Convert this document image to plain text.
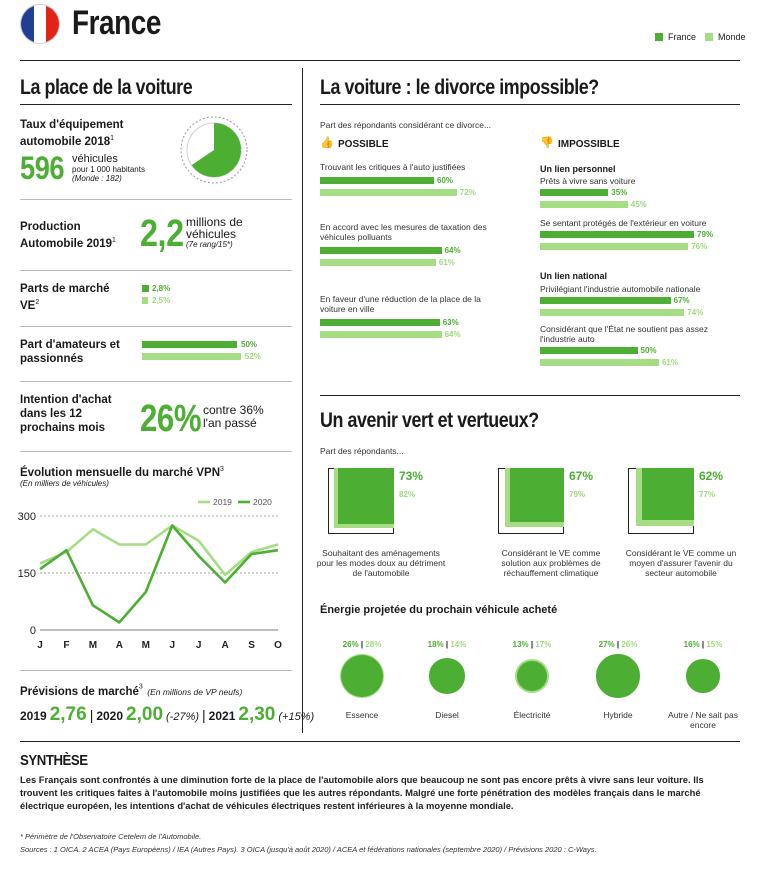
France	France Monde
La place de la voiture
Taux d'équipement automobile 2018$^1$
596 véhicules
pour 1 000 habitants
(Monde : 182)
Production Automobile 2019$^1$ 2,2 millions de véhicules
(7e rang/15*)
Parts de marché $VE^2$
2,8%
2,5%
Part d'amateurs et passionnés
50%
52%
Intention d'achat dans les 12 prochains mois 26% contre 36% l'an passé
Évolution mensuelle du marché VPN$^3$
(En milliers de véhicules)
0
150
300
J F M A M J J A S O
2019 2020
Prévisions de marché$^3$ (En millions de VP neufs)
2019 2,76 | 2020 2,00 (-27%) | 2021 2,30 (+15%)
La voiture : le divorce impossible?
Part des répondants considérant ce divorce...
👍 POSSIBLE	👎 IMPOSSIBLE
Un lien personnel
Un lien national
Un avenir vert et vertueux?
Part des répondants...
Énergie projetée du prochain véhicule acheté
SYNTHÈSE
Les Français sont confrontés à une diminution forte de la place de l'automobile alors que beaucoup ne sont pas encore prêts à vivre sans leur voiture. Ils trouvent les critiques faites à l'automobile moins justifiées que les autres répondants. Malgré une forte pénétration des modèles français dans le marché électrique européen, les intentions d'achat de véhicules électriques restent inférieures à la moyenne mondiale.
* Périmètre de l'Observatoire Cetelem de l'Automobile.
Sources : 1 OICA. 2 ACEA (Pays Européens) / IEA (Autres Pays). 3 OICA (jusqu'à août 2020) / ACEA et fédérations nationales (septembre 2020) / Prévisions 2020 : C-Ways.
Trouvant les critiques à l'auto justifiées
60%
72%
En accord avec les mesures de taxation des véhicules polluants
64%
61%
En faveur d'une réduction de la place de la voiture en ville
63%
64%
Prêts à vivre sans voiture
35%
45%
Se sentant protégés de l'extérieur en voiture
79%
76%
Privilégiant l'industrie automobile nationale
67%
74%
Considérant que l'État ne soutient pas assez l'industrie auto
50%
61%
73%
82%
Souhaitant des aménagements pour les modes doux au détriment de l'automobile
67%
79%
Considérant le VE comme solution aux problèmes de réchauffement climatique
62%
77%
Considérant le VE comme un moyen d'assurer l'avenir du secteur automobile
26% | 28%
Essence
18% | 14%
Diesel
13% | 17%
Électricité
27% | 26%
Hybride
16% | 15%
Autre / Ne sait pas encore
